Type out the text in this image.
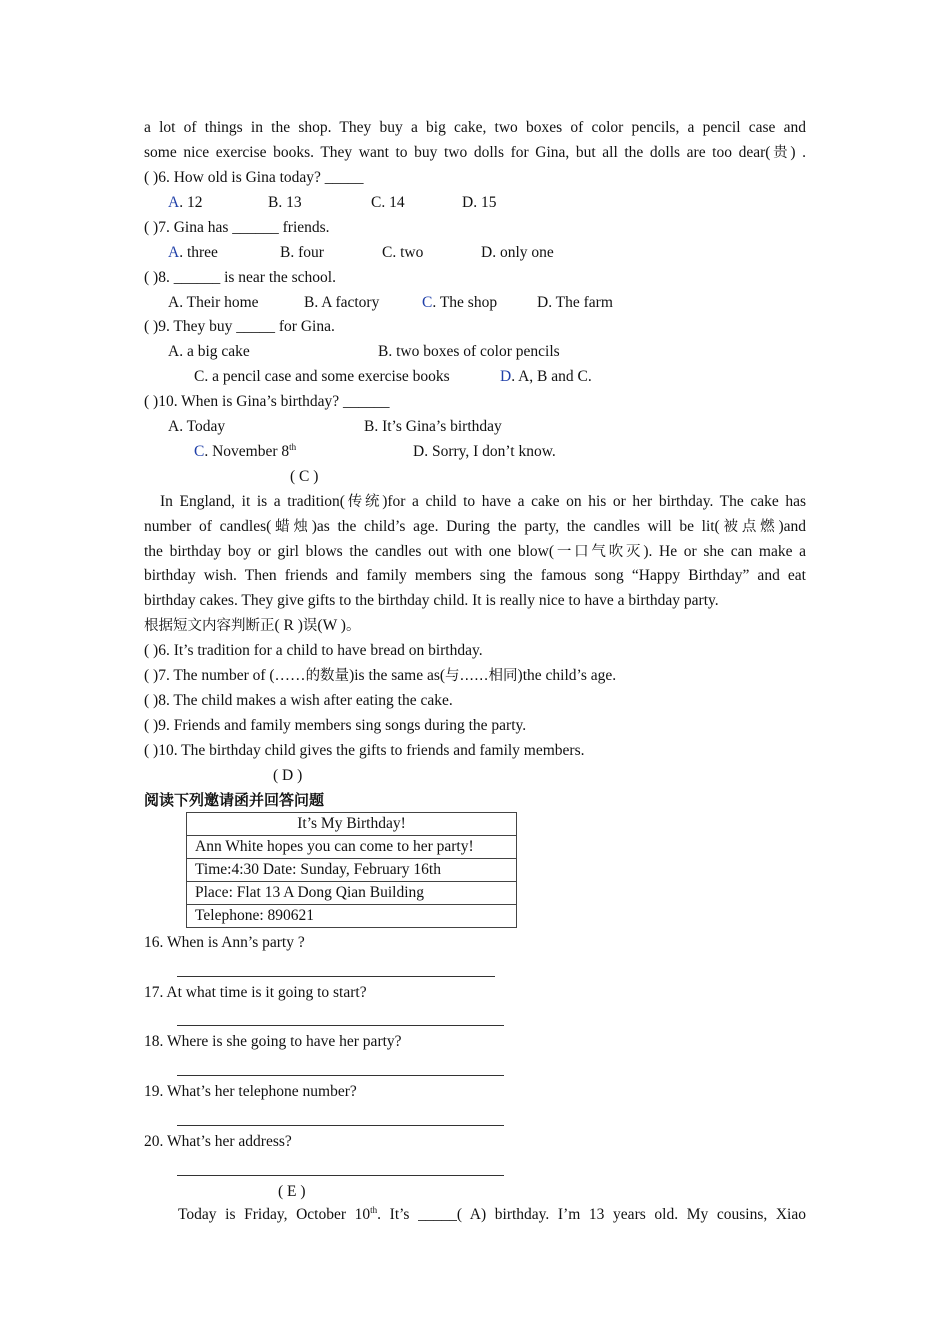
a lot of things in the shop. They buy a big cake, two boxes of color pencils, a pencil case and
some nice exercise books. They want to buy two dolls for Gina, but all the dolls are too dear(贵) .
( )6. How old is Gina today? _____
A. 12	B. 13	C. 14	D. 15
( )7. Gina has ______ friends.
A. three	B. four	C. two	D. only one
( )8. ______ is near the school.
A. Their home	B. A factory	C. The shop	D. The farm
( )9. They buy _____ for Gina.
A. a big cake	B. two boxes of color pencils
C. a pencil case and some exercise books	D. A, B and C.
( )10. When is Gina’s birthday? ______
A. Today	B. It’s Gina’s birthday
C. November 8th	D. Sorry, I don’t know.
( C )
In England, it is a tradition(传统)for a child to have a cake on his or her birthday. The cake has
number of candles(蜡烛)as the child’s age. During the party, the candles will be lit(被点燃)and
the birthday boy or girl blows the candles out with one blow(一口气吹灭). He or she can make a
birthday wish. Then friends and family members sing the famous song “Happy Birthday” and eat
birthday cakes. They give gifts to the birthday child. It is really nice to have a birthday party.
根据短文内容判断正( R )误(W )。
( )6. It’s tradition for a child to have bread on birthday.
( )7. The number of (……的数量)is the same as(与……相同)the child’s age.
( )8. The child makes a wish after eating the cake.
( )9. Friends and family members sing songs during the party.
( )10. The birthday child gives the gifts to friends and family members.
( D )
阅读下列邀请函并回答问题
It’s My Birthday!
Ann White hopes you can come to her party!
Time:4:30 Date: Sunday, February 16th
Place: Flat 13 A Dong Qian Building
Telephone: 890621
16. When is Ann’s party ?
17. At what time is it going to start?
18. Where is she going to have her party?
19. What’s her telephone number?
20. What’s her address?
( E )
Today is Friday, October 10th. It’s _____( A) birthday. I’m 13 years old. My cousins, Xiao
